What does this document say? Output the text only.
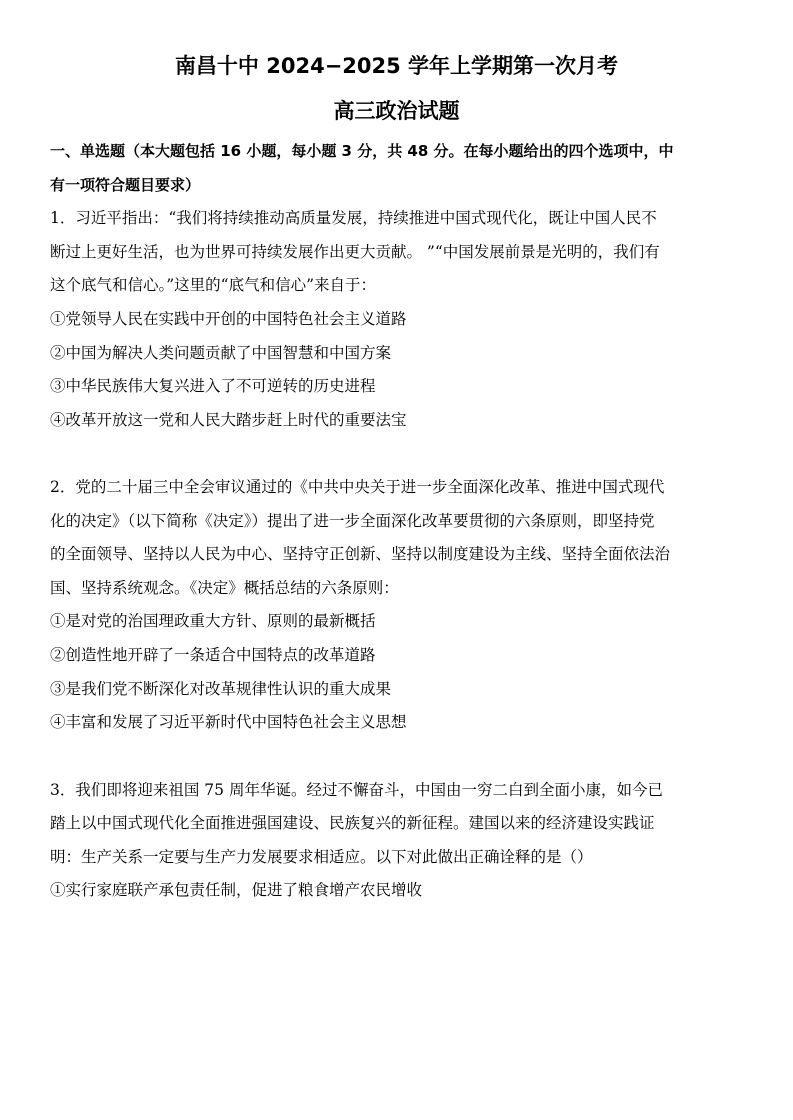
南昌十中 2024−2025 学年上学期第一次月考
高三政治试题
一、单选题（本大题包括 16 小题，每小题 3 分，共 48 分。在每小题给出的四个选项中，中
有一项符合题目要求）
1．习近平指出：“我们将持续推动高质量发展，持续推进中国式现代化，既让中国人民不
断过上更好生活，也为世界可持续发展作出更大贡献。 ”“中国发展前景是光明的，我们有
这个底气和信心。”这里的“底气和信心”来自于：
①党领导人民在实践中开创的中国特色社会主义道路
②中国为解决人类问题贡献了中国智慧和中国方案
③中华民族伟大复兴进入了不可逆转的历史进程
④改革开放这一党和人民大踏步赶上时代的重要法宝
2．党的二十届三中全会审议通过的《中共中央关于进一步全面深化改革、推进中国式现代
化的决定》（以下简称《决定》）提出了进一步全面深化改革要贯彻的六条原则，即坚持党
的全面领导、坚持以人民为中心、坚持守正创新、坚持以制度建设为主线、坚持全面依法治
国、坚持系统观念。《决定》概括总结的六条原则：
①是对党的治国理政重大方针、原则的最新概括
②创造性地开辟了一条适合中国特点的改革道路
③是我们党不断深化对改革规律性认识的重大成果
④丰富和发展了习近平新时代中国特色社会主义思想
3．我们即将迎来祖国 75 周年华诞。经过不懈奋斗，中国由一穷二白到全面小康，如今已
踏上以中国式现代化全面推进强国建设、民族复兴的新征程。建国以来的经济建设实践证
明：生产关系一定要与生产力发展要求相适应。以下对此做出正确诠释的是（）
①实行家庭联产承包责任制，促进了粮食增产农民增收
